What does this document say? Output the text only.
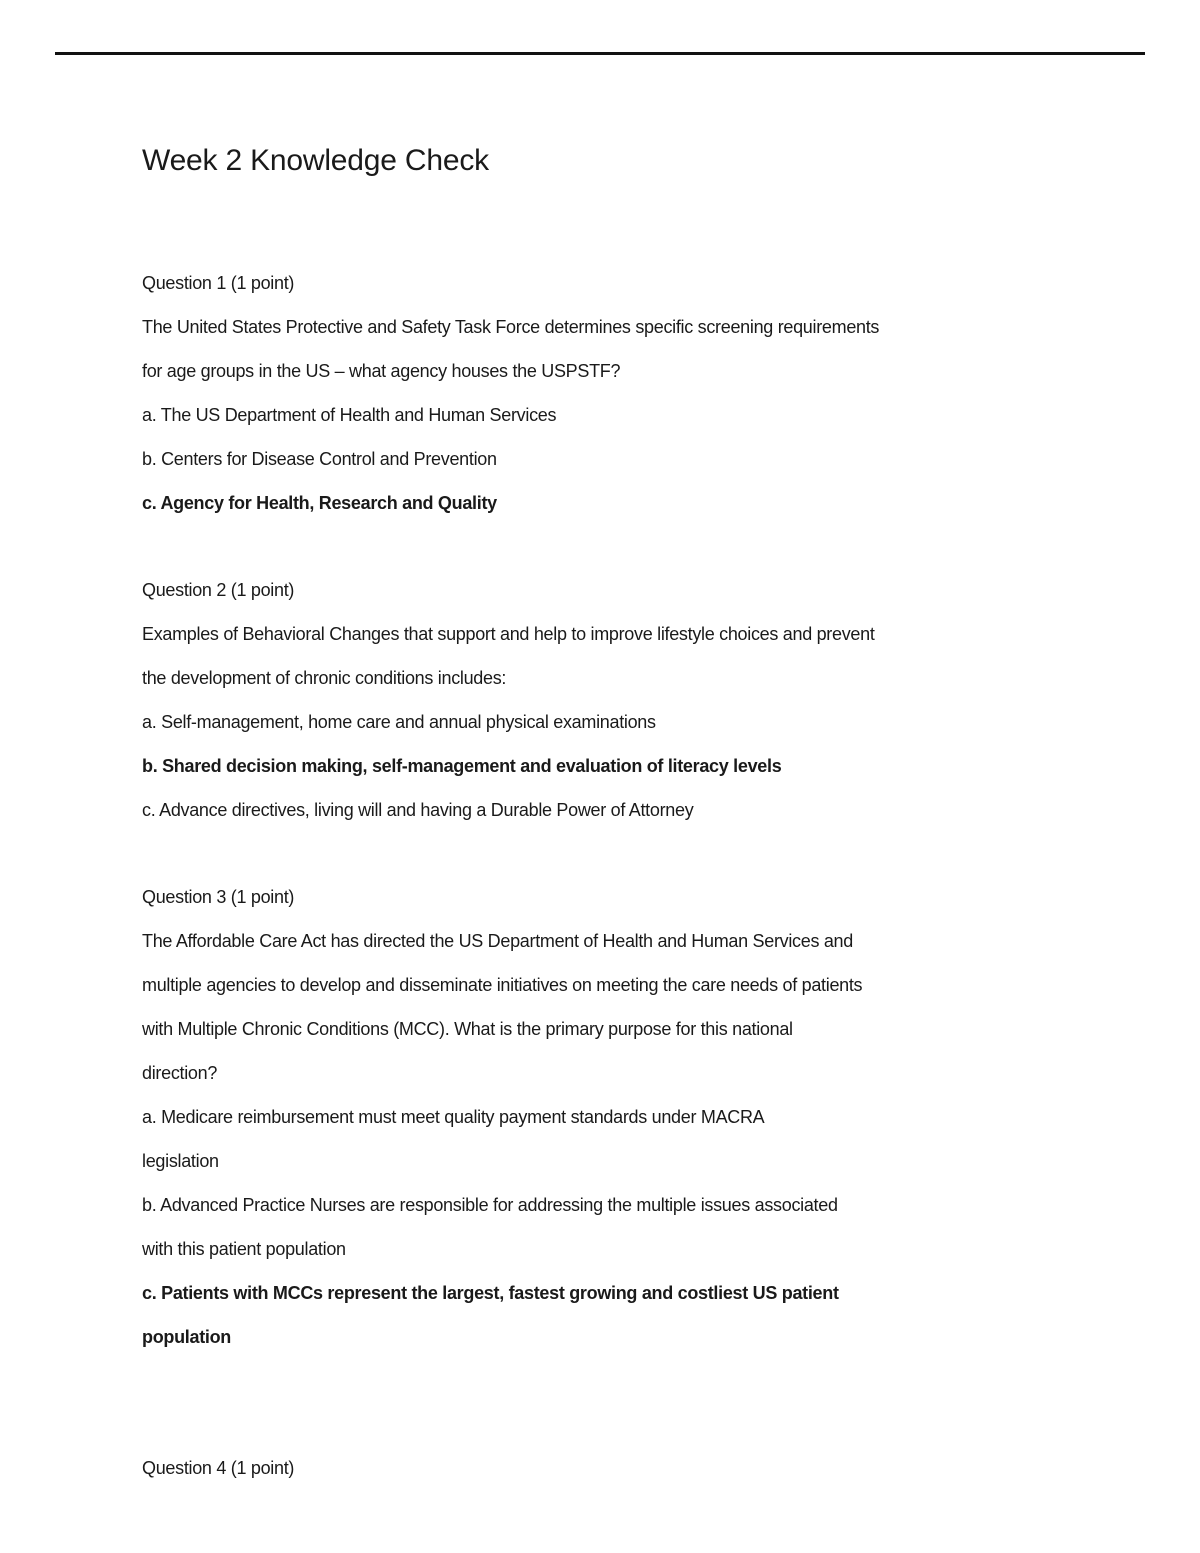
Week 2 Knowledge Check
Question 1 (1 point)
The United States Protective and Safety Task Force determines specific screening requirements
for age groups in the US – what agency houses the USPSTF?
a. The US Department of Health and Human Services
b. Centers for Disease Control and Prevention
c. Agency for Health, Research and Quality
Question 2 (1 point)
Examples of Behavioral Changes that support and help to improve lifestyle choices and prevent
the development of chronic conditions includes:
a. Self-management, home care and annual physical examinations
b. Shared decision making, self-management and evaluation of literacy levels
c. Advance directives, living will and having a Durable Power of Attorney
Question 3 (1 point)
The Affordable Care Act has directed the US Department of Health and Human Services and
multiple agencies to develop and disseminate initiatives on meeting the care needs of patients
with Multiple Chronic Conditions (MCC). What is the primary purpose for this national
direction?
a. Medicare reimbursement must meet quality payment standards under MACRA
legislation
b. Advanced Practice Nurses are responsible for addressing the multiple issues associated
with this patient population
c. Patients with MCCs represent the largest, fastest growing and costliest US patient
population
Question 4 (1 point)
